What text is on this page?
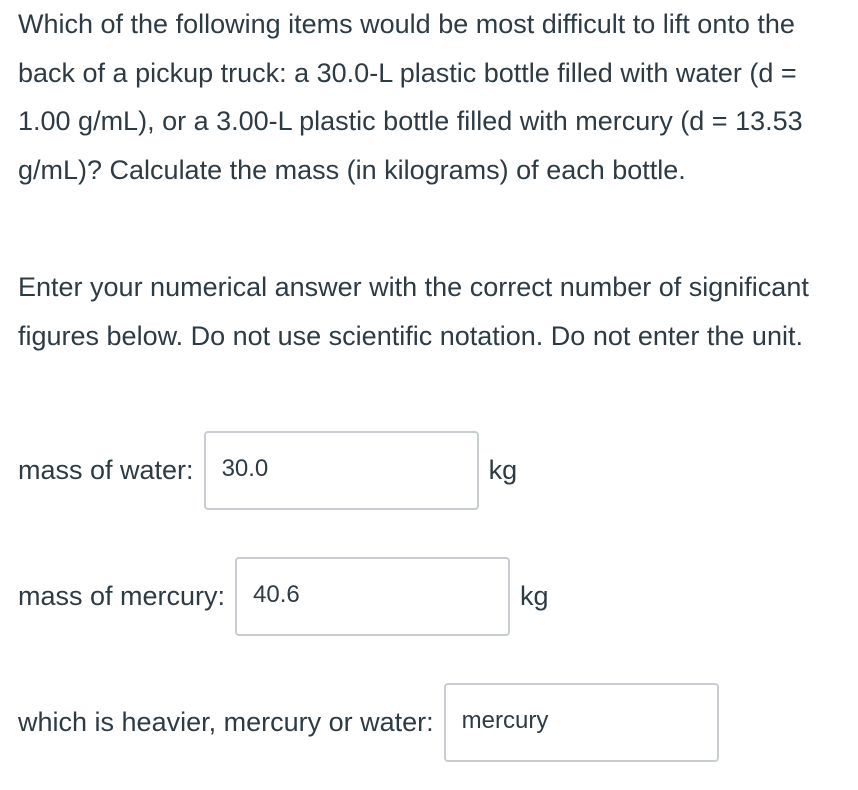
Which of the following items would be most difficult to lift onto the back of a pickup truck: a 30.0-L plastic bottle filled with water (d = 1.00 g/mL), or a 3.00-L plastic bottle filled with mercury (d = 13.53 g/mL)? Calculate the mass (in kilograms) of each bottle.

Enter your numerical answer with the correct number of significant figures below. Do not use scientific notation. Do not enter the unit.

mass of water: 30.0	kg
mass of mercury: 40.6	kg
which is heavier, mercury or water: mercury
